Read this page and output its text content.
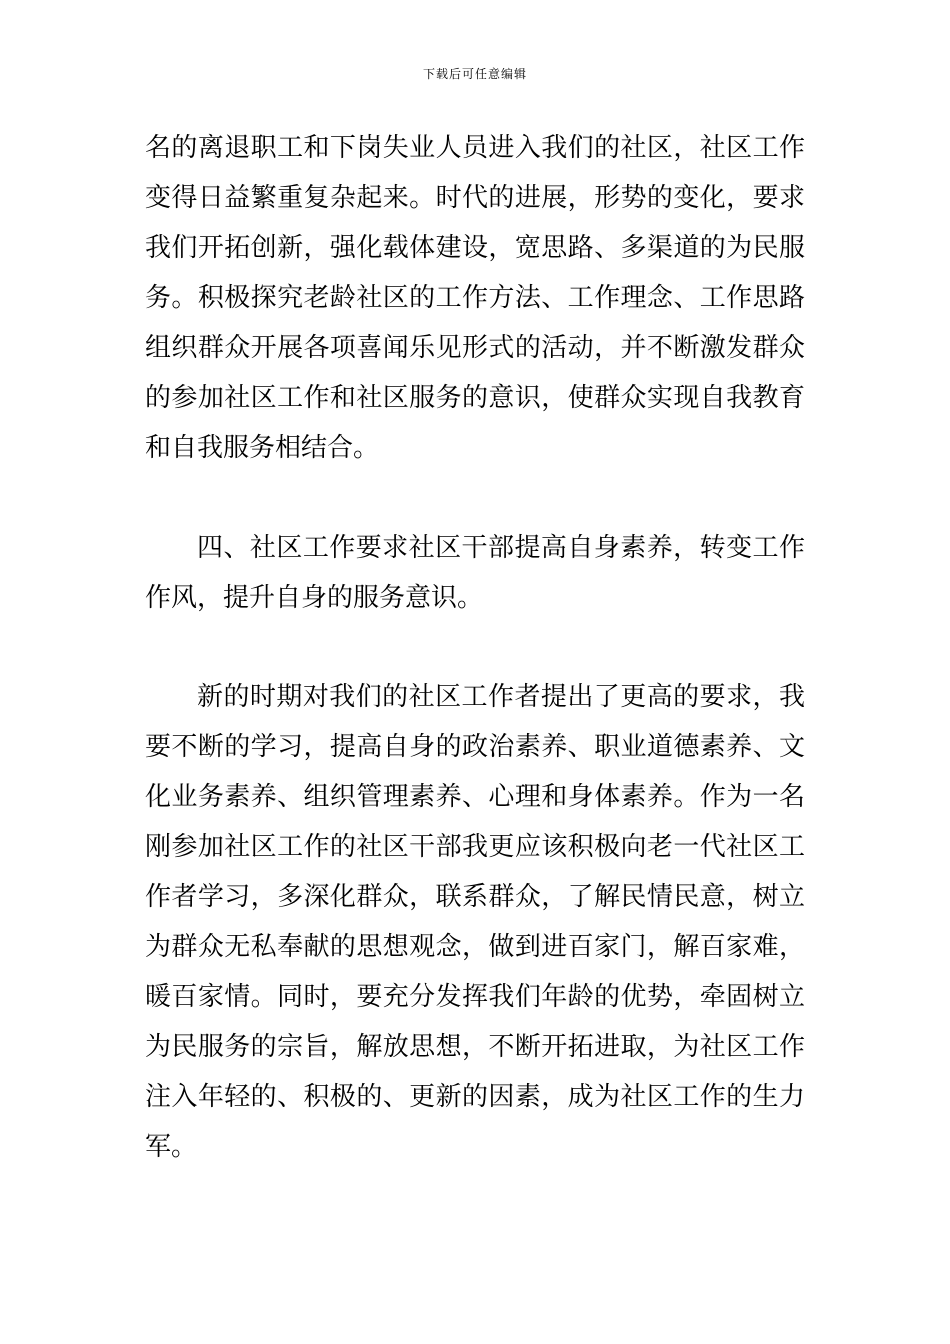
下载后可任意编辑
名的离退职工和下岗失业人员进入我们的社区，社区工作
变得日益繁重复杂起来。时代的进展，形势的变化，要求
我们开拓创新，强化载体建设，宽思路、多渠道的为民服
务。积极探究老龄社区的工作方法、工作理念、工作思路
组织群众开展各项喜闻乐见形式的活动，并不断激发群众
的参加社区工作和社区服务的意识，使群众实现自我教育
和自我服务相结合。
四、社区工作要求社区干部提高自身素养，转变工作
作风，提升自身的服务意识。
新的时期对我们的社区工作者提出了更高的要求，我
要不断的学习，提高自身的政治素养、职业道德素养、文
化业务素养、组织管理素养、心理和身体素养。作为一名
刚参加社区工作的社区干部我更应该积极向老一代社区工
作者学习，多深化群众，联系群众，了解民情民意，树立
为群众无私奉献的思想观念，做到进百家门，解百家难，
暖百家情。同时，要充分发挥我们年龄的优势，牵固树立
为民服务的宗旨，解放思想，不断开拓进取，为社区工作
注入年轻的、积极的、更新的因素，成为社区工作的生力
军。
